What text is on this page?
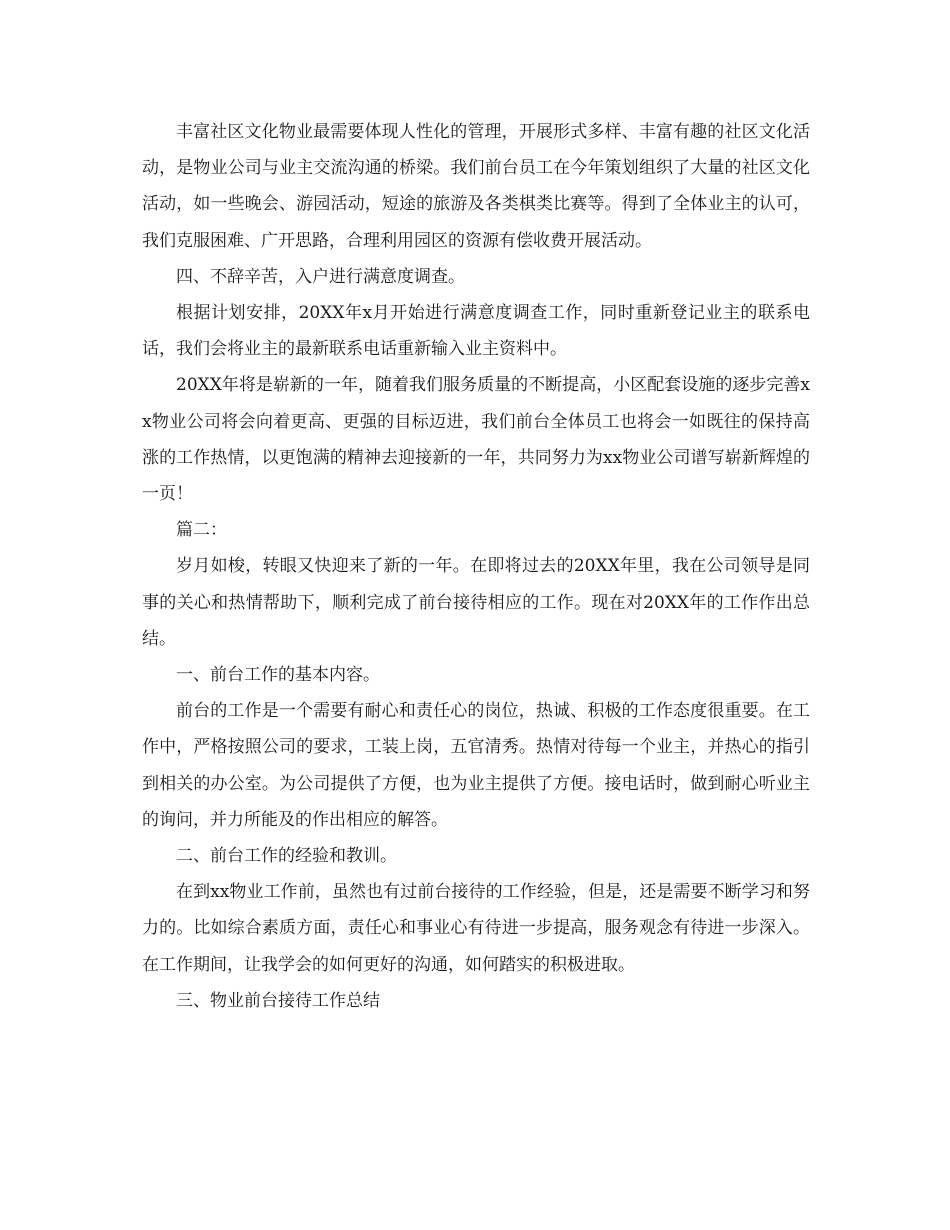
丰富社区文化物业最需要体现人性化的管理，开展形式多样、丰富有趣的社区文化活动，是物业公司与业主交流沟通的桥梁。我们前台员工在今年策划组织了大量的社区文化活动，如一些晚会、游园活动，短途的旅游及各类棋类比赛等。得到了全体业主的认可，我们克服困难、广开思路，合理利用园区的资源有偿收费开展活动。

四、不辞辛苦，入户进行满意度调查。

根据计划安排，20XX年x月开始进行满意度调查工作，同时重新登记业主的联系电话，我们会将业主的最新联系电话重新输入业主资料中。

20XX年将是崭新的一年，随着我们服务质量的不断提高，小区配套设施的逐步完善xx物业公司将会向着更高、更强的目标迈进，我们前台全体员工也将会一如既往的保持高涨的工作热情，以更饱满的精神去迎接新的一年，共同努力为xx物业公司谱写崭新辉煌的一页！

篇二：

岁月如梭，转眼又快迎来了新的一年。在即将过去的20XX年里，我在公司领导是同事的关心和热情帮助下，顺利完成了前台接待相应的工作。现在对20XX年的工作作出总结。

一、前台工作的基本内容。

前台的工作是一个需要有耐心和责任心的岗位，热诚、积极的工作态度很重要。在工作中，严格按照公司的要求，工装上岗，五官清秀。热情对待每一个业主，并热心的指引到相关的办公室。为公司提供了方便，也为业主提供了方便。接电话时，做到耐心听业主的询问，并力所能及的作出相应的解答。

二、前台工作的经验和教训。

在到xx物业工作前，虽然也有过前台接待的工作经验，但是，还是需要不断学习和努力的。比如综合素质方面，责任心和事业心有待进一步提高，服务观念有待进一步深入。在工作期间，让我学会的如何更好的沟通，如何踏实的积极进取。

三、物业前台接待工作总结
